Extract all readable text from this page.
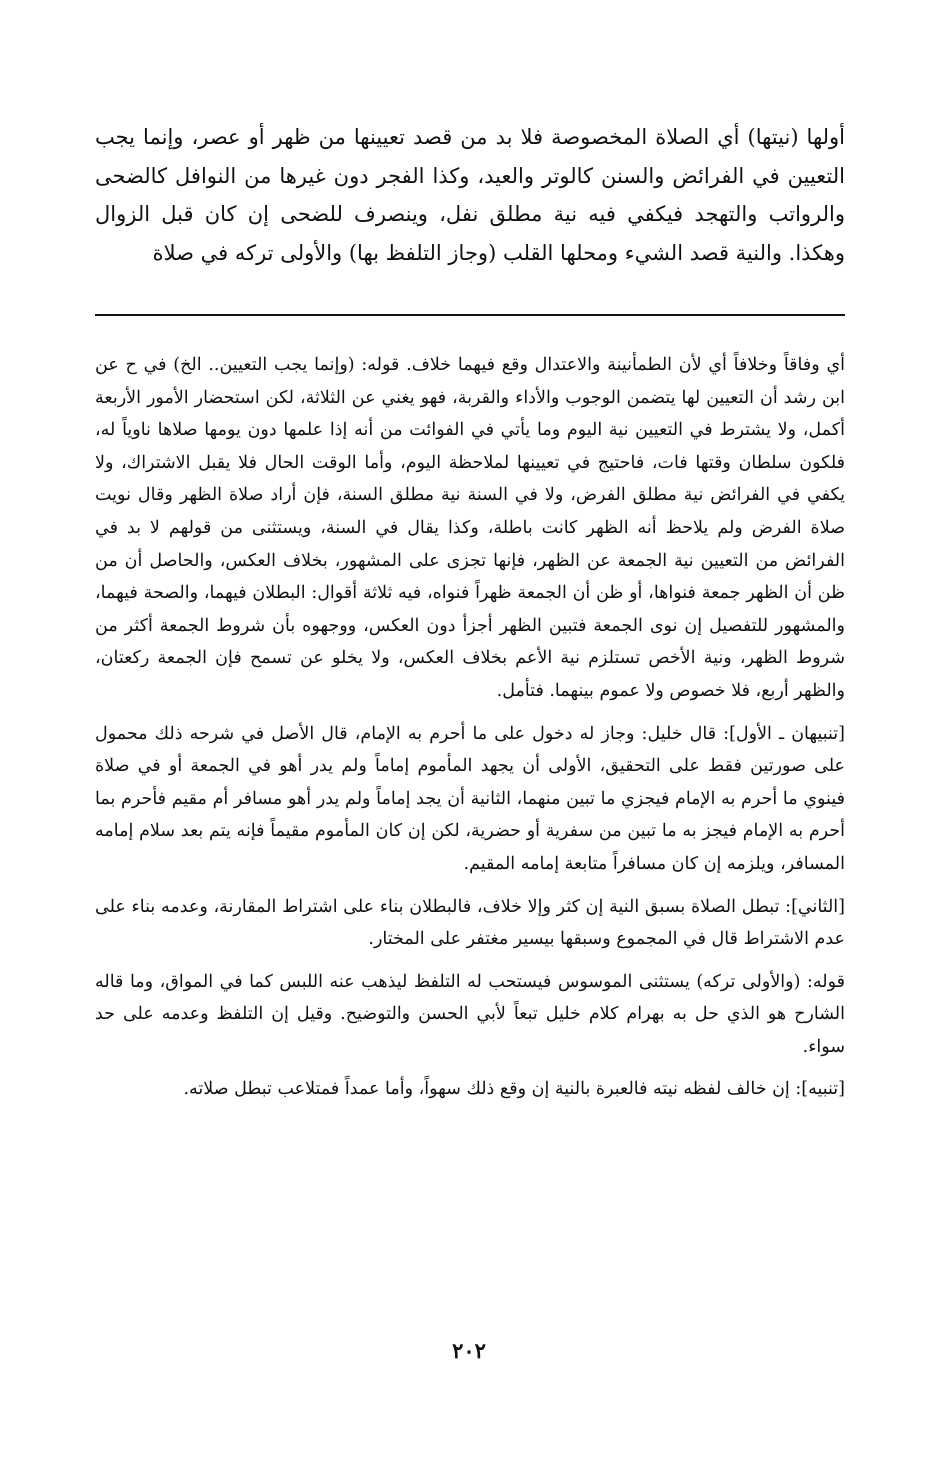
أولها (نيتها) أي الصلاة المخصوصة فلا بد من قصد تعيينها من ظهر أو عصر، وإنما يجب التعيين في الفرائض والسنن كالوتر والعيد، وكذا الفجر دون غيرها من النوافل كالضحى والرواتب والتهجد فيكفي فيه نية مطلق نفل، وينصرف للضحى إن كان قبل الزوال وهكذا. والنية قصد الشيء ومحلها القلب (وجاز التلفظ بها) والأولى تركه في صلاة

أي وفاقاً وخلافاً أي لأن الطمأنينة والاعتدال وقع فيهما خلاف. قوله: (وإنما يجب التعيين.. الخ) في ح عن ابن رشد أن التعيين لها يتضمن الوجوب والأداء والقربة، فهو يغني عن الثلاثة، لكن استحضار الأمور الأربعة أكمل، ولا يشترط في التعيين نية اليوم وما يأتي في الفوائت من أنه إذا علمها دون يومها صلاها ناوياً له، فلكون سلطان وقتها فات، فاحتيج في تعيينها لملاحظة اليوم، وأما الوقت الحال فلا يقبل الاشتراك، ولا يكفي في الفرائض نية مطلق الفرض، ولا في السنة نية مطلق السنة، فإن أراد صلاة الظهر وقال نويت صلاة الفرض ولم يلاحظ أنه الظهر كانت باطلة، وكذا يقال في السنة، ويستثنى من قولهم لا بد في الفرائض من التعيين نية الجمعة عن الظهر، فإنها تجزى على المشهور، بخلاف العكس، والحاصل أن من ظن أن الظهر جمعة فنواها، أو ظن أن الجمعة ظهراً فنواه، فيه ثلاثة أقوال: البطلان فيهما، والصحة فيهما، والمشهور للتفصيل إن نوى الجمعة فتبين الظهر أجزأ دون العكس، ووجهوه بأن شروط الجمعة أكثر من شروط الظهر، ونية الأخص تستلزم نية الأعم بخلاف العكس، ولا يخلو عن تسمح فإن الجمعة ركعتان، والظهر أربع، فلا خصوص ولا عموم بينهما. فتأمل.

[تنبيهان ـ الأول]: قال خليل: وجاز له دخول على ما أحرم به الإمام، قال الأصل في شرحه ذلك محمول على صورتين فقط على التحقيق، الأولى أن يجهد المأموم إماماً ولم يدر أهو في الجمعة أو في صلاة فينوي ما أحرم به الإمام فيجزي ما تبين منهما، الثانية أن يجد إماماً ولم يدر أهو مسافر أم مقيم فأحرم بما أحرم به الإمام فيجز به ما تبين من سفرية أو حضرية، لكن إن كان المأموم مقيماً فإنه يتم بعد سلام إمامه المسافر، ويلزمه إن كان مسافراً متابعة إمامه المقيم.

[الثاني]: تبطل الصلاة بسبق النية إن كثر وإلا خلاف، فالبطلان بناء على اشتراط المقارنة، وعدمه بناء على عدم الاشتراط قال في المجموع وسبقها بيسير مغتفر على المختار.

قوله: (والأولى تركه) يستثنى الموسوس فيستحب له التلفظ ليذهب عنه اللبس كما في المواق، وما قاله الشارح هو الذي حل به بهرام كلام خليل تبعاً لأبي الحسن والتوضيح. وقيل إن التلفظ وعدمه على حد سواء.

[تنبيه]: إن خالف لفظه نيته فالعبرة بالنية إن وقع ذلك سهواً، وأما عمداً فمتلاعب تبطل صلاته.

٢٠٢
